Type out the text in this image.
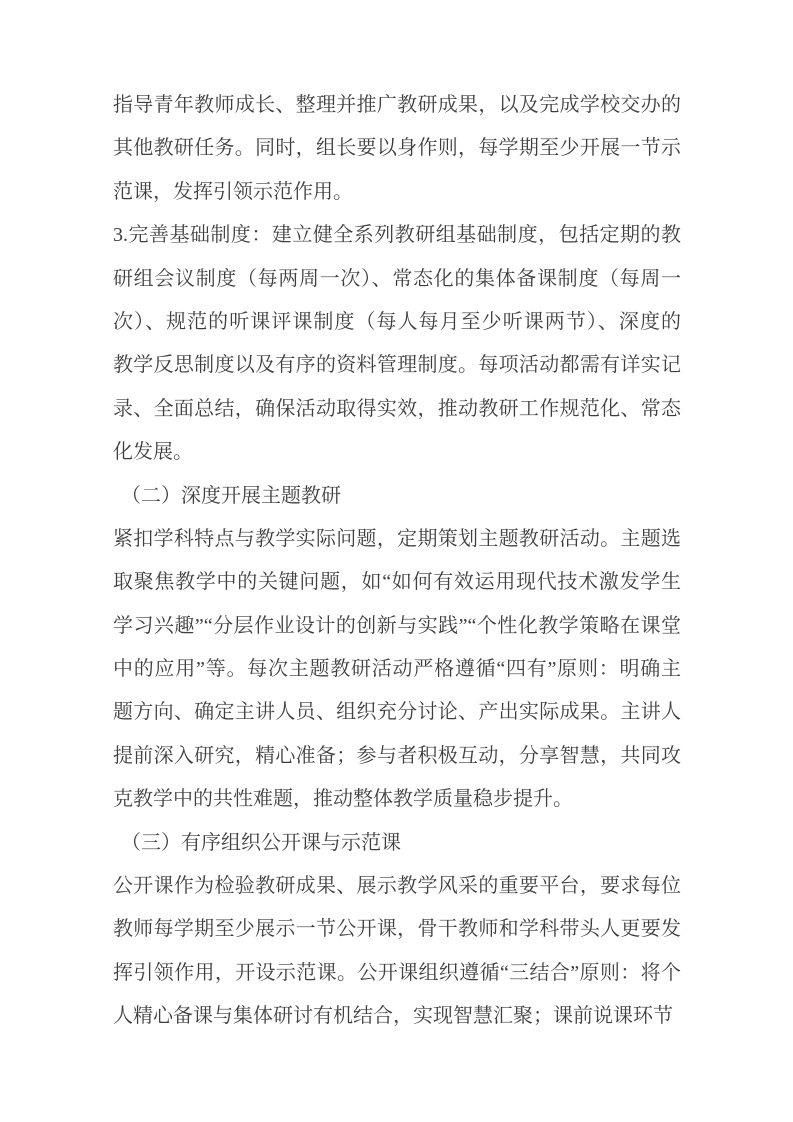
指导青年教师成长、整理并推广教研成果，以及完成学校交办的
其他教研任务。同时，组长要以身作则，每学期至少开展一节示
范课，发挥引领示范作用。
3.完善基础制度：建立健全系列教研组基础制度，包括定期的教
研组会议制度（每两周一次）、常态化的集体备课制度（每周一
次）、规范的听课评课制度（每人每月至少听课两节）、深度的
教学反思制度以及有序的资料管理制度。每项活动都需有详实记
录、全面总结，确保活动取得实效，推动教研工作规范化、常态
化发展。
（二）深度开展主题教研
紧扣学科特点与教学实际问题，定期策划主题教研活动。主题选
取聚焦教学中的关键问题，如“如何有效运用现代技术激发学生
学习兴趣”“分层作业设计的创新与实践”“个性化教学策略在课堂
中的应用”等。每次主题教研活动严格遵循“四有”原则：明确主
题方向、确定主讲人员、组织充分讨论、产出实际成果。主讲人
提前深入研究，精心准备；参与者积极互动，分享智慧，共同攻
克教学中的共性难题，推动整体教学质量稳步提升。
（三）有序组织公开课与示范课
公开课作为检验教研成果、展示教学风采的重要平台，要求每位
教师每学期至少展示一节公开课，骨干教师和学科带头人更要发
挥引领作用，开设示范课。公开课组织遵循“三结合”原则：将个
人精心备课与集体研讨有机结合，实现智慧汇聚；课前说课环节
